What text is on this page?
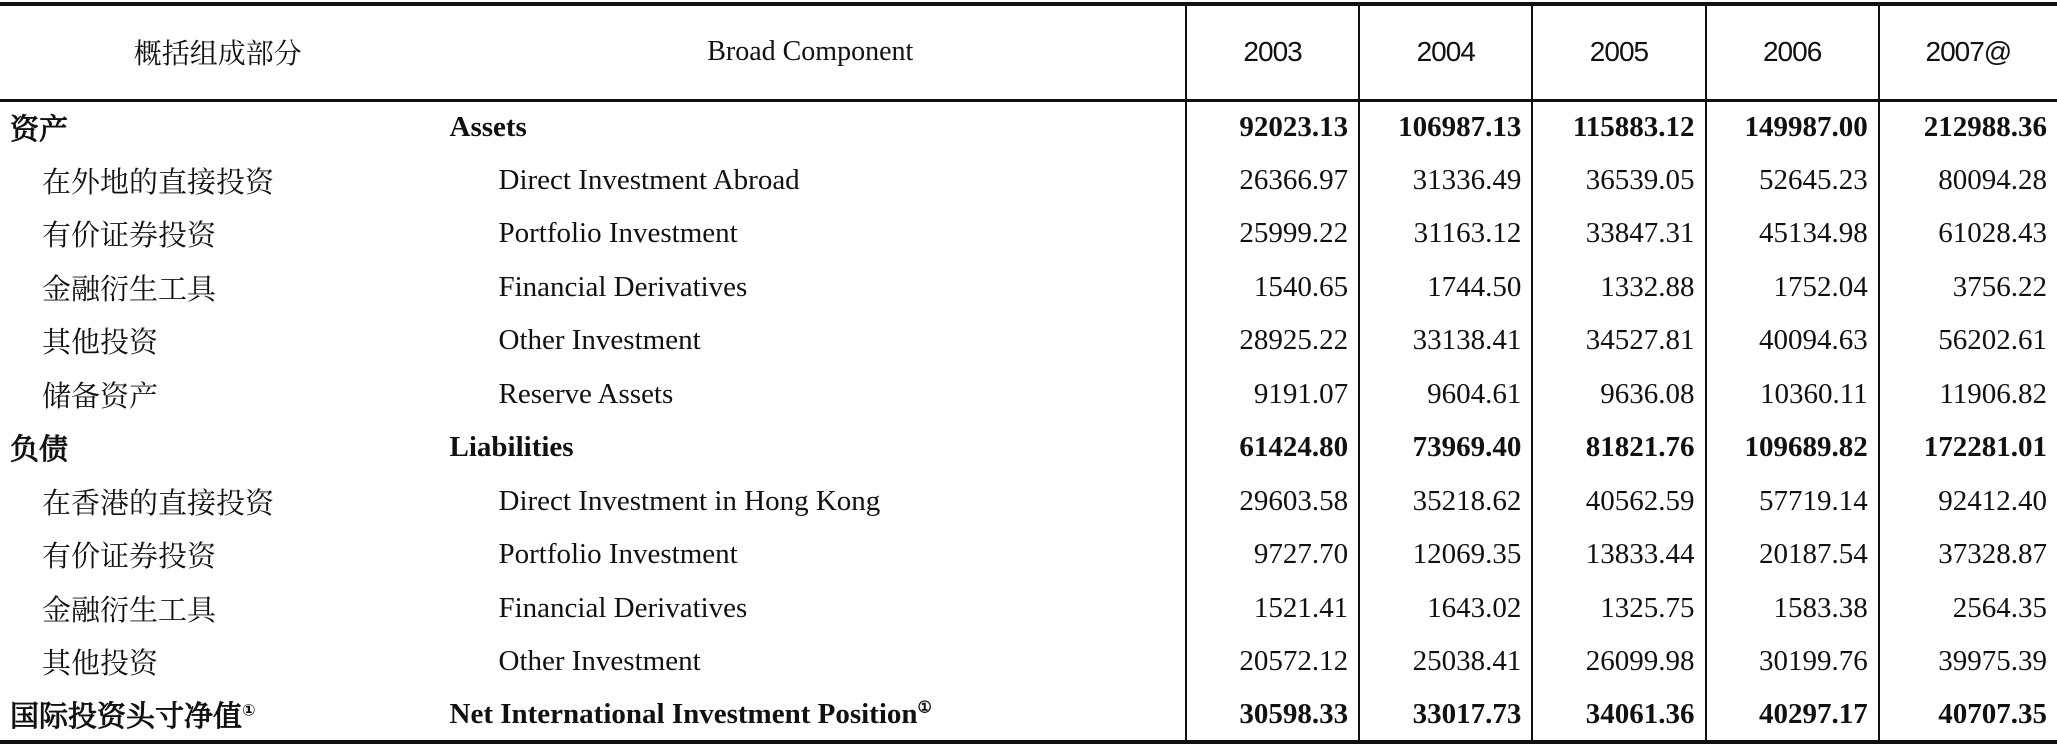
概括组成部分	Broad Component	2003	2004	2005	2006	2007@
资产	Assets	92023.13	106987.13	115883.12	149987.00	212988.36
在外地的直接投资	Direct Investment Abroad	26366.97	31336.49	36539.05	52645.23	80094.28
有价证券投资	Portfolio Investment	25999.22	31163.12	33847.31	45134.98	61028.43
金融衍生工具	Financial Derivatives	1540.65	1744.50	1332.88	1752.04	3756.22
其他投资	Other Investment	28925.22	33138.41	34527.81	40094.63	56202.61
储备资产	Reserve Assets	9191.07	9604.61	9636.08	10360.11	11906.82
负债	Liabilities	61424.80	73969.40	81821.76	109689.82	172281.01
在香港的直接投资	Direct Investment in Hong Kong	29603.58	35218.62	40562.59	57719.14	92412.40
有价证券投资	Portfolio Investment	9727.70	12069.35	13833.44	20187.54	37328.87
金融衍生工具	Financial Derivatives	1521.41	1643.02	1325.75	1583.38	2564.35
其他投资	Other Investment	20572.12	25038.41	26099.98	30199.76	39975.39
国际投资头寸净值①	Net International Investment Position①	30598.33	33017.73	34061.36	40297.17	40707.35
